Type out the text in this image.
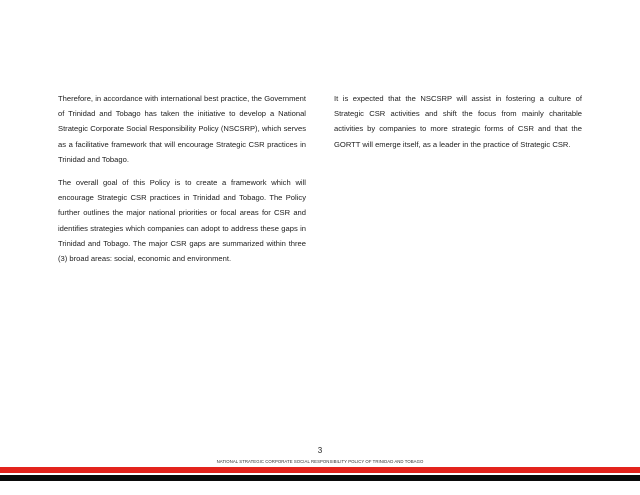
Therefore, in accordance with international best practice, the Government of Trinidad and Tobago has taken the initiative to develop a National Strategic Corporate Social Responsibility Policy (NSCSRP), which serves as a facilitative framework that will encourage Strategic CSR practices in Trinidad and Tobago.

The overall goal of this Policy is to create a framework which will encourage Strategic CSR practices in Trinidad and Tobago. The Policy further outlines the major national priorities or focal areas for CSR and identifies strategies which companies can adopt to address these gaps in Trinidad and Tobago. The major CSR gaps are summarized within three (3) broad areas: social, economic and environment.

It is expected that the NSCSRP will assist in fostering a culture of Strategic CSR activities and shift the focus from mainly charitable activities by companies to more strategic forms of CSR and that the GORTT will emerge itself, as a leader in the practice of Strategic CSR.

3
NATIONAL STRATEGIC CORPORATE SOCIAL RESPONSIBILITY POLICY OF TRINIDAD AND TOBAGO
